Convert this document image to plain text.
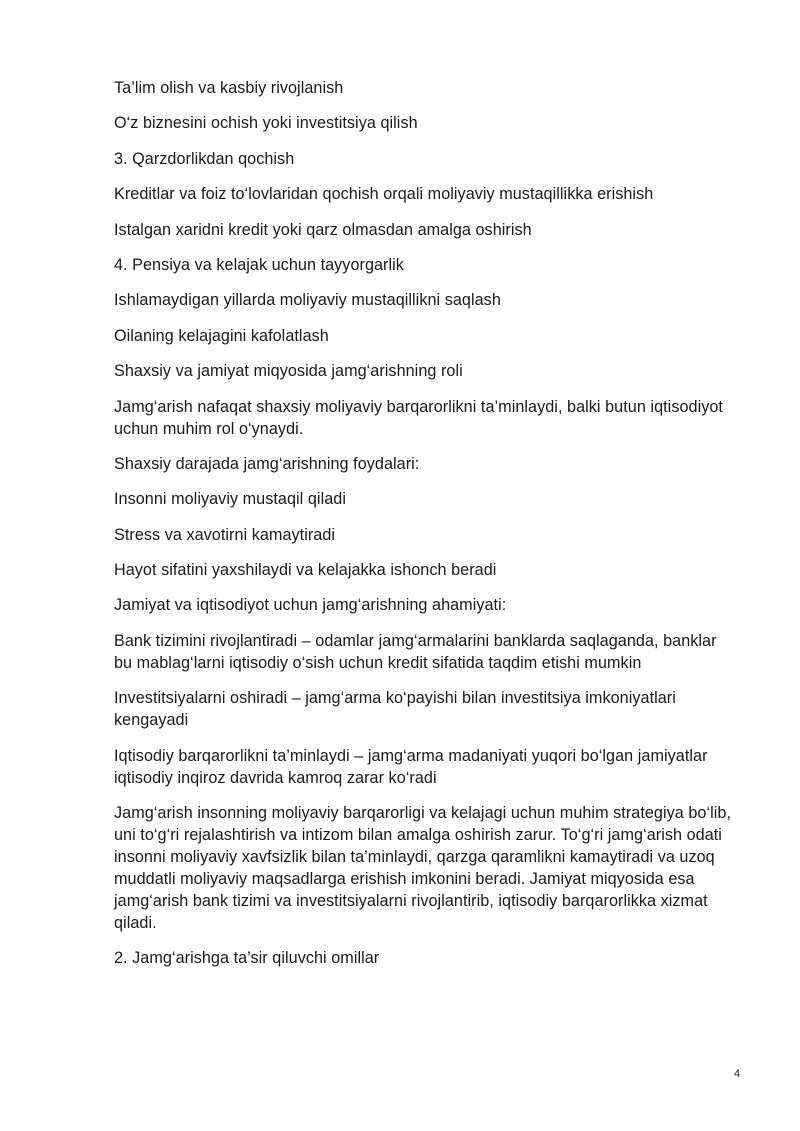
Ta’lim olish va kasbiy rivojlanish

O‘z biznesini ochish yoki investitsiya qilish

3. Qarzdorlikdan qochish

Kreditlar va foiz to‘lovlaridan qochish orqali moliyaviy mustaqillikka erishish

Istalgan xaridni kredit yoki qarz olmasdan amalga oshirish

4. Pensiya va kelajak uchun tayyorgarlik

Ishlamaydigan yillarda moliyaviy mustaqillikni saqlash

Oilaning kelajagini kafolatlash

Shaxsiy va jamiyat miqyosida jamg‘arishning roli

Jamg‘arish nafaqat shaxsiy moliyaviy barqarorlikni ta’minlaydi, balki butun iqtisodiyot uchun muhim rol o‘ynaydi.

Shaxsiy darajada jamg‘arishning foydalari:

Insonni moliyaviy mustaqil qiladi

Stress va xavotirni kamaytiradi

Hayot sifatini yaxshilaydi va kelajakka ishonch beradi

Jamiyat va iqtisodiyot uchun jamg‘arishning ahamiyati:

Bank tizimini rivojlantiradi – odamlar jamg‘armalarini banklarda saqlaganda, banklar bu mablag‘larni iqtisodiy o‘sish uchun kredit sifatida taqdim etishi mumkin

Investitsiyalarni oshiradi – jamg‘arma ko‘payishi bilan investitsiya imkoniyatlari kengayadi

Iqtisodiy barqarorlikni ta’minlaydi – jamg‘arma madaniyati yuqori bo‘lgan jamiyatlar iqtisodiy inqiroz davrida kamroq zarar ko‘radi

Jamg‘arish insonning moliyaviy barqarorligi va kelajagi uchun muhim strategiya bo‘lib, uni to‘g‘ri rejalashtirish va intizom bilan amalga oshirish zarur. To‘g‘ri jamg‘arish odati insonni moliyaviy xavfsizlik bilan ta’minlaydi, qarzga qaramlikni kamaytiradi va uzoq muddatli moliyaviy maqsadlarga erishish imkonini beradi. Jamiyat miqyosida esa jamg‘arish bank tizimi va investitsiyalarni rivojlantirib, iqtisodiy barqarorlikka xizmat qiladi.

2. Jamg‘arishga ta’sir qiluvchi omillar

4
